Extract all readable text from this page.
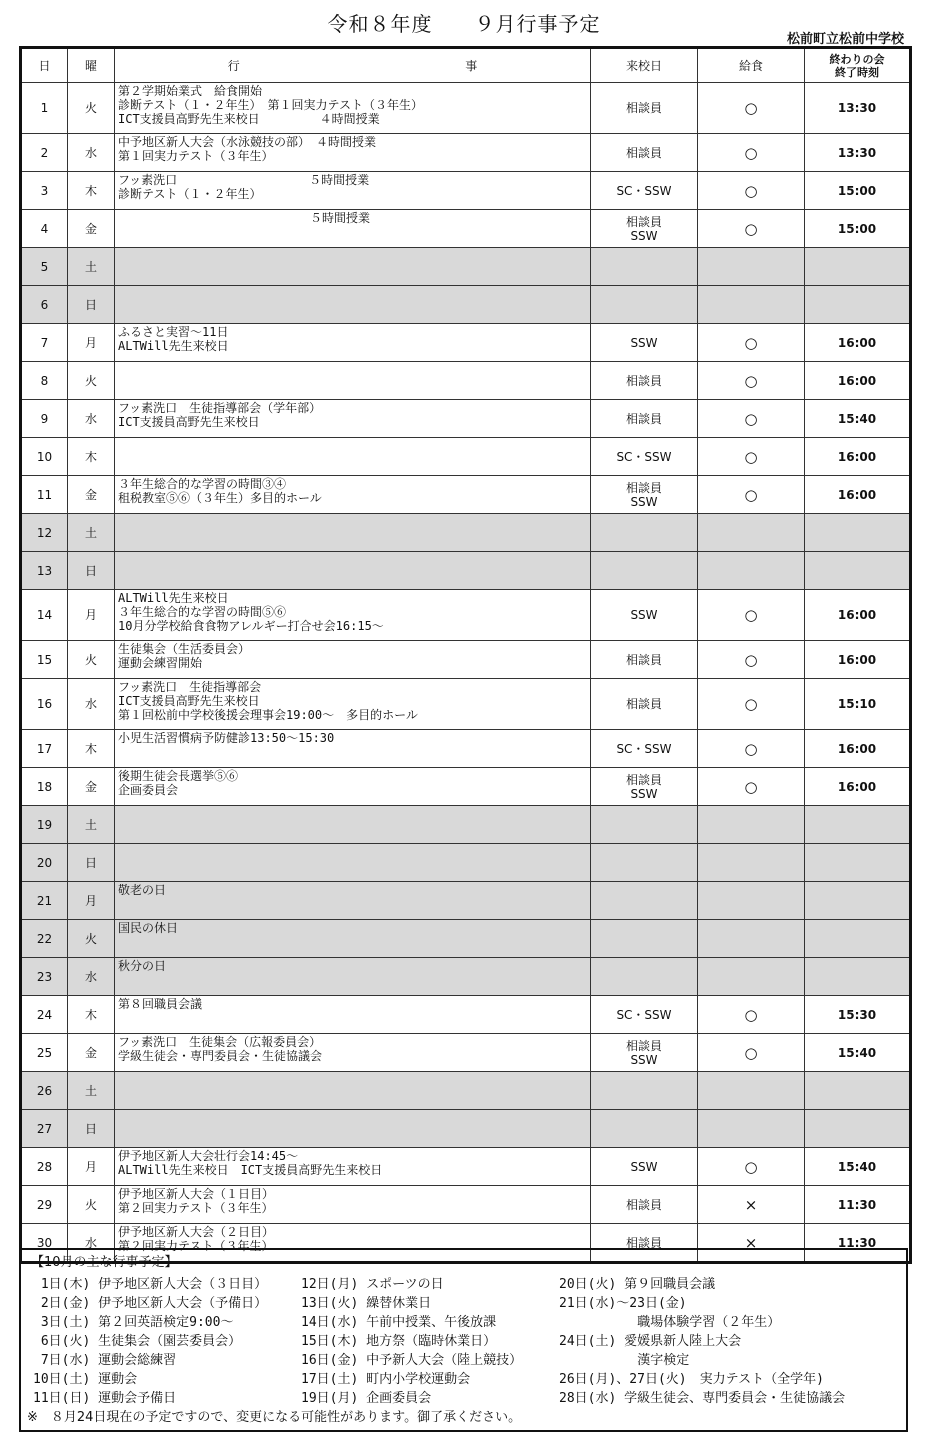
令和８年度　　９月行事予定
松前町立松前中学校
日	曜	行 事	来校日	給食	終わりの会
終了時刻

1	火	第２学期始業式　給食開始
診断テスト（１・２年生）　第１回実力テスト（３年生）
ICT支援員高野先生来校日　　　　　４時間授業	相談員	○	13:30
2	水	中予地区新人大会（水泳競技の部）　４時間授業
第１回実力テスト（３年生）	相談員	○	13:30
3	木	フッ素洗口　　　　　　　　　　　５時間授業
診断テスト（１・２年生）	SC・SSW	○	15:00
4	金	　　　　　　　　　　　　　　　　５時間授業	相談員
SSW	○	15:00
5	土				
6	日				
7	月	ふるさと実習～11日
ALTWill先生来校日	SSW	○	16:00
8	火		相談員	○	16:00
9	水	フッ素洗口　生徒指導部会（学年部）
ICT支援員高野先生来校日	相談員	○	15:40
10	木		SC・SSW	○	16:00
11	金	３年生総合的な学習の時間③④
租税教室⑤⑥（３年生）多目的ホール	相談員
SSW	○	16:00
12	土				
13	日				
14	月	ALTWill先生来校日
３年生総合的な学習の時間⑤⑥
10月分学校給食食物アレルギー打合せ会16:15～	SSW	○	16:00
15	火	生徒集会（生活委員会）
運動会練習開始	相談員	○	16:00
16	水	フッ素洗口　生徒指導部会
ICT支援員高野先生来校日
第１回松前中学校後援会理事会19:00～　多目的ホール	相談員	○	15:10
17	木	小児生活習慣病予防健診13:50～15:30	SC・SSW	○	16:00
18	金	後期生徒会長選挙⑤⑥
企画委員会	相談員
SSW	○	16:00
19	土				
20	日				
21	月	敬老の日			
22	火	国民の休日			
23	水	秋分の日			
24	木	第８回職員会議	SC・SSW	○	15:30
25	金	フッ素洗口　生徒集会（広報委員会）
学級生徒会・専門委員会・生徒協議会	相談員
SSW	○	15:40
26	土				
27	日				
28	月	伊予地区新人大会壮行会14:45～
ALTWill先生来校日　ICT支援員高野先生来校日	SSW	○	15:40
29	火	伊予地区新人大会（１日目）
第２回実力テスト（３年生）	相談員	×	11:30
30	水	伊予地区新人大会（２日目）
第２回実力テスト（３年生）	相談員	×	11:30
【10月の主な行事予定】
1日(木) 伊予地区新人大会（３日目）
2日(金) 伊予地区新人大会（予備日）
3日(土) 第２回英語検定9:00～
6日(火) 生徒集会（園芸委員会）
7日(水) 運動会総練習
10日(土) 運動会
11日(日) 運動会予備日
12日(月) スポーツの日
13日(火) 繰替休業日
14日(水) 午前中授業、午後放課
15日(木) 地方祭（臨時休業日）
16日(金) 中予新人大会（陸上競技）
17日(土) 町内小学校運動会
19日(月) 企画委員会
20日(火) 第９回職員会議
21日(水)～23日(金)
職場体験学習（２年生）
24日(土) 愛媛県新人陸上大会
漢字検定
26日(月)、27日(火)　実力テスト（全学年)
28日(水) 学級生徒会、専門委員会・生徒協議会
※　８月24日現在の予定ですので、変更になる可能性があります。御了承ください。
